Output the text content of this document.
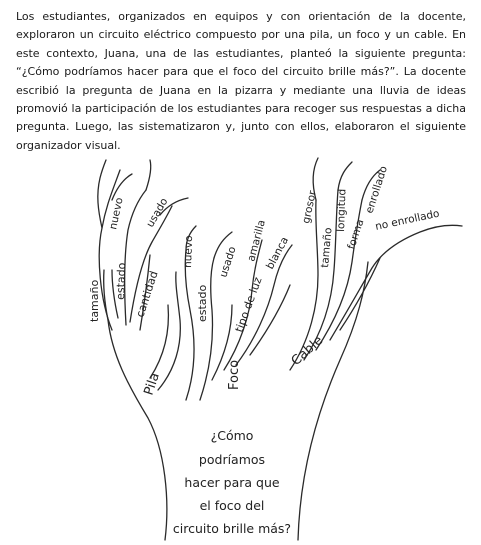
Los estudiantes, organizados en equipos y con orientación de la docente, exploraron un circuito eléctrico compuesto por una pila, un foco y un cable. En este contexto, Juana, una de las estudiantes, planteó la siguiente pregunta: “¿Cómo podríamos hacer para que el foco del circuito brille más?”. La docente escribió la pregunta de Juana en la pizarra y mediante una lluvia de ideas promovió la participación de los estudiantes para recoger sus respuestas a dicha pregunta. Luego, las sistematizaron y, junto con ellos, elaboraron el siguiente organizador visual.

Pila	Foco
Cable
tamaño estado
nuevo usado
cantidad	estado
nuevo usado
tipo de luz
amarilla
blanca
grosor
tamaño
longitud
forma
enrollado
no enrollado
¿Cómo
podríamos
hacer para que
el foco del
circuito brille más?
